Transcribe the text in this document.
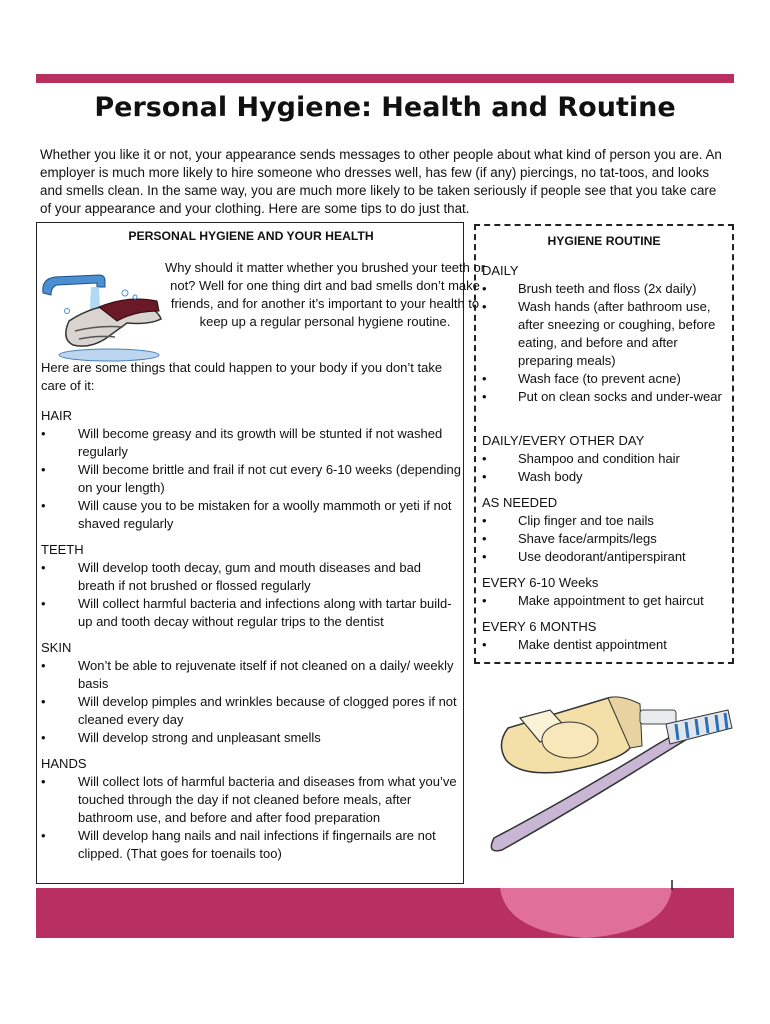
Personal Hygiene: Health and Routine

Whether you like it or not, your appearance sends messages to other people about what kind of person you are. An employer is much more likely to hire someone who dresses well, has few (if any) piercings, no tat-toos, and looks and smells clean. In the same way, you are much more likely to be taken seriously if people see that you take care of your appearance and your clothing. Here are some tips to do just that.

PERSONAL HYGIENE AND YOUR HEALTH

Why should it matter whether you brushed your teeth or not? Well for one thing dirt and bad smells don’t make friends, and for another it’s important to your health to keep up a regular personal hygiene routine.

Here are some things that could happen to your body if you don’t take care of it:

HAIR
• Will become greasy and its growth will be stunted if not washed regularly
• Will become brittle and frail if not cut every 6-10 weeks (depending on your length)
• Will cause you to be mistaken for a woolly mammoth or yeti if not shaved regularly
TEETH
• Will develop tooth decay, gum and mouth diseases and bad breath if not brushed or flossed regularly
• Will collect harmful bacteria and infections along with tartar build-up and tooth decay without regular trips to the dentist
SKIN
• Won’t be able to rejuvenate itself if not cleaned on a daily/ weekly basis
• Will develop pimples and wrinkles because of clogged pores if not cleaned every day
• Will develop strong and unpleasant smells
HANDS
• Will collect lots of harmful bacteria and diseases from what you’ve touched through the day if not cleaned before meals, after bathroom use, and before and after food preparation
• Will develop hang nails and nail infections if fingernails are not clipped. (That goes for toenails too)
HYGIENE ROUTINE
DAILY
• Brush teeth and floss (2x daily)
• Wash hands (after bathroom use, after sneezing or coughing, before eating, and before and after preparing meals)
• Wash face (to prevent acne)
• Put on clean socks and under-wear
DAILY/EVERY OTHER DAY
• Shampoo and condition hair
• Wash body
AS NEEDED
• Clip finger and toe nails
• Shave face/armpits/legs
• Use deodorant/antiperspirant
EVERY 6-10 Weeks
• Make appointment to get haircut
EVERY 6 MONTHS
• Make dentist appointment
